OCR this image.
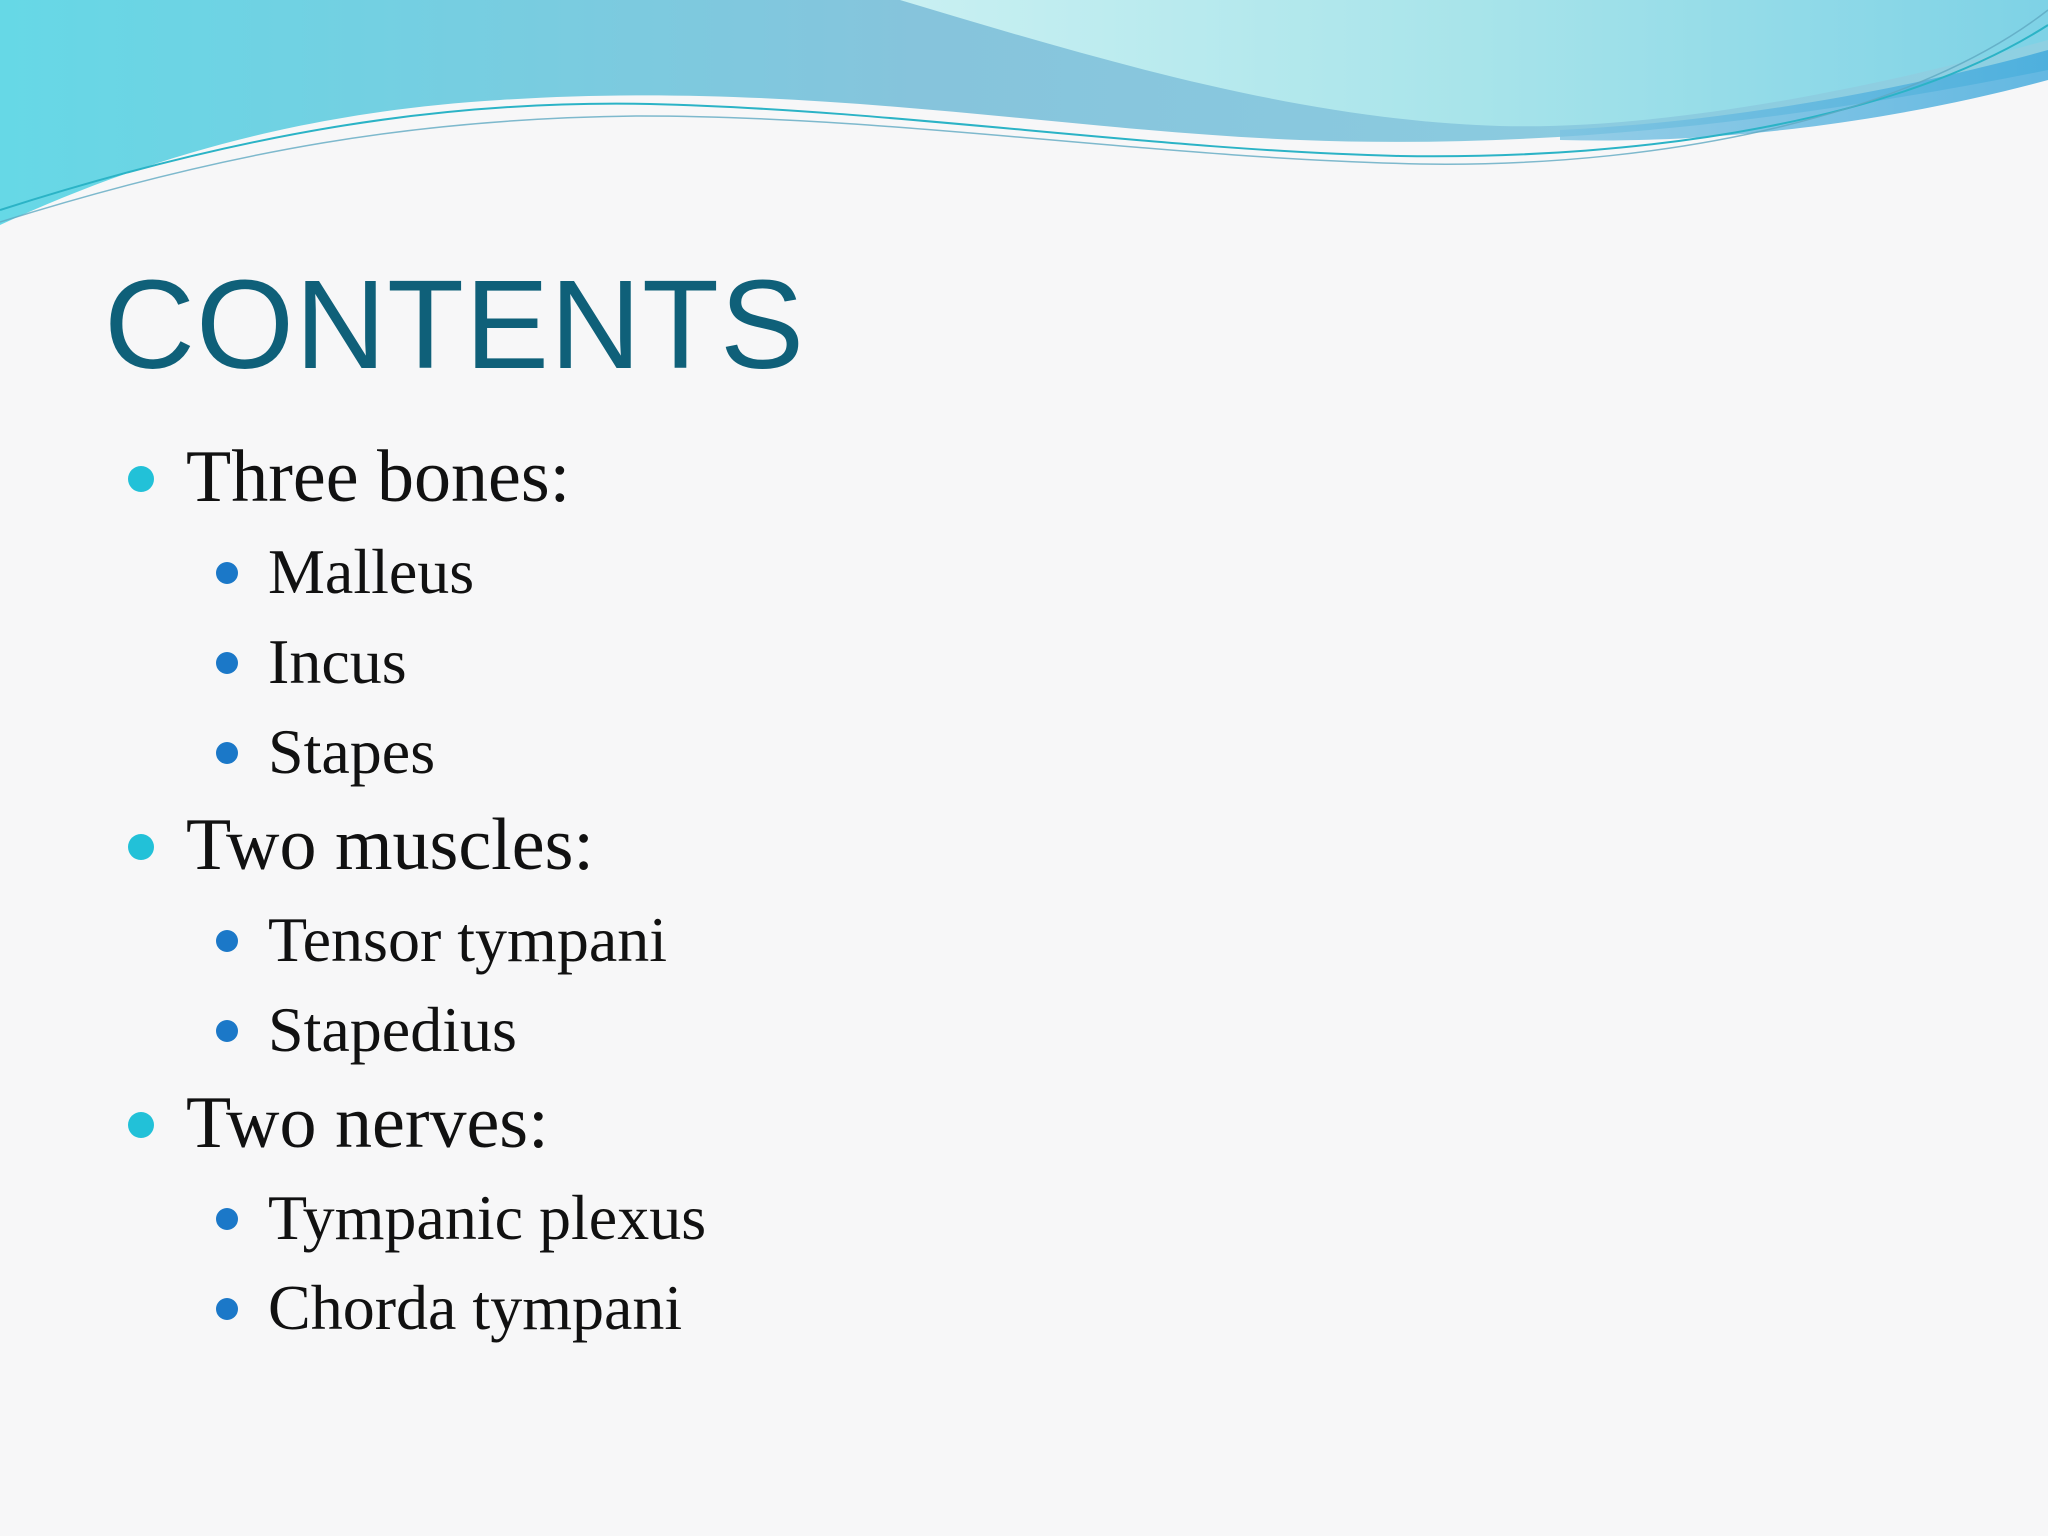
CONTENTS
Three bones:
Malleus
Incus
Stapes
Two muscles:
Tensor tympani
Stapedius
Two nerves:
Tympanic plexus
Chorda tympani
